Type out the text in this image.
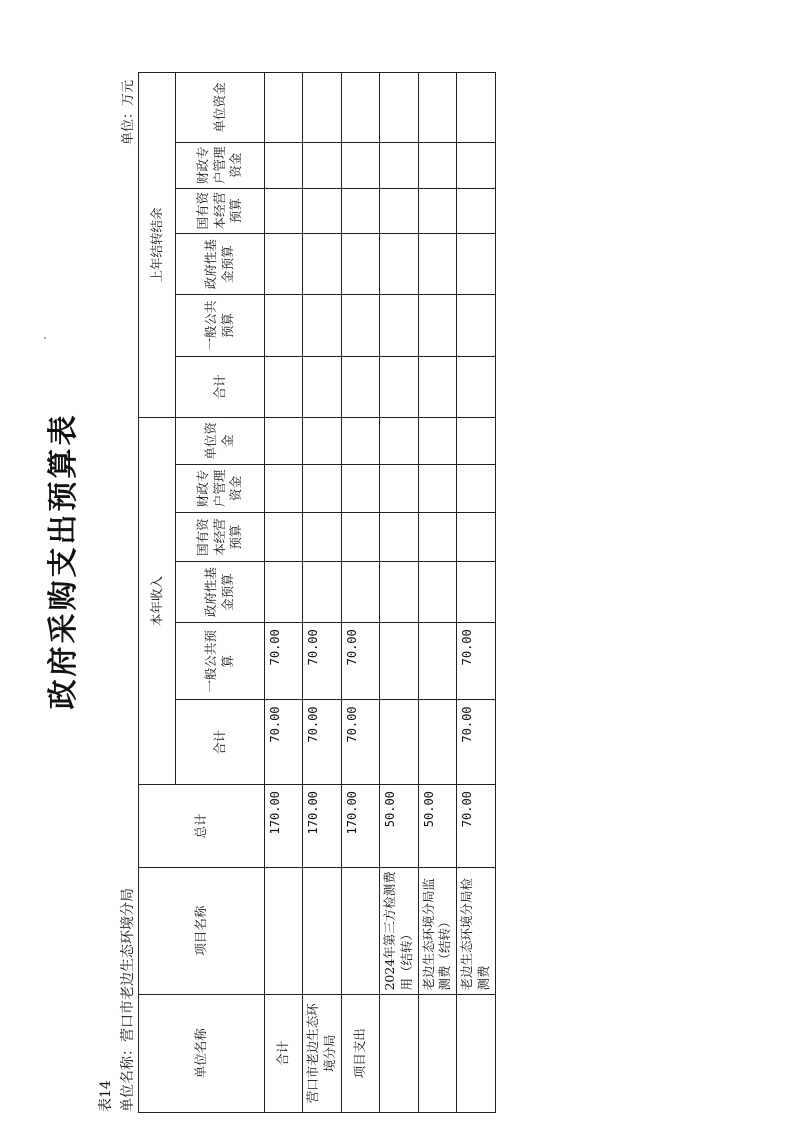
政府采购支出预算表
表14 单位名称：营口市老边生态环境分局
单位：万元
单位名称	项目名称	总计	本年收入						上年结转结余					
			合计	一般公共预算	政府性基金预算	国有资本经营预算	财政专户管理资金	单位资金	合计	一般公共预算	政府性基金预算	国有资本经营预算	财政专户管理资金	单位资金
合计		170.00	70.00	70.00										
营口市老边生态环境分局		170.00	70.00	70.00										
项目支出		170.00	70.00	70.00										
	2024年第三方检测费用（结转）	50.00												
	老边生态环境分局监测费（结转）	50.00												
	老边生态环境分局检测费	70.00	70.00	70.00										
